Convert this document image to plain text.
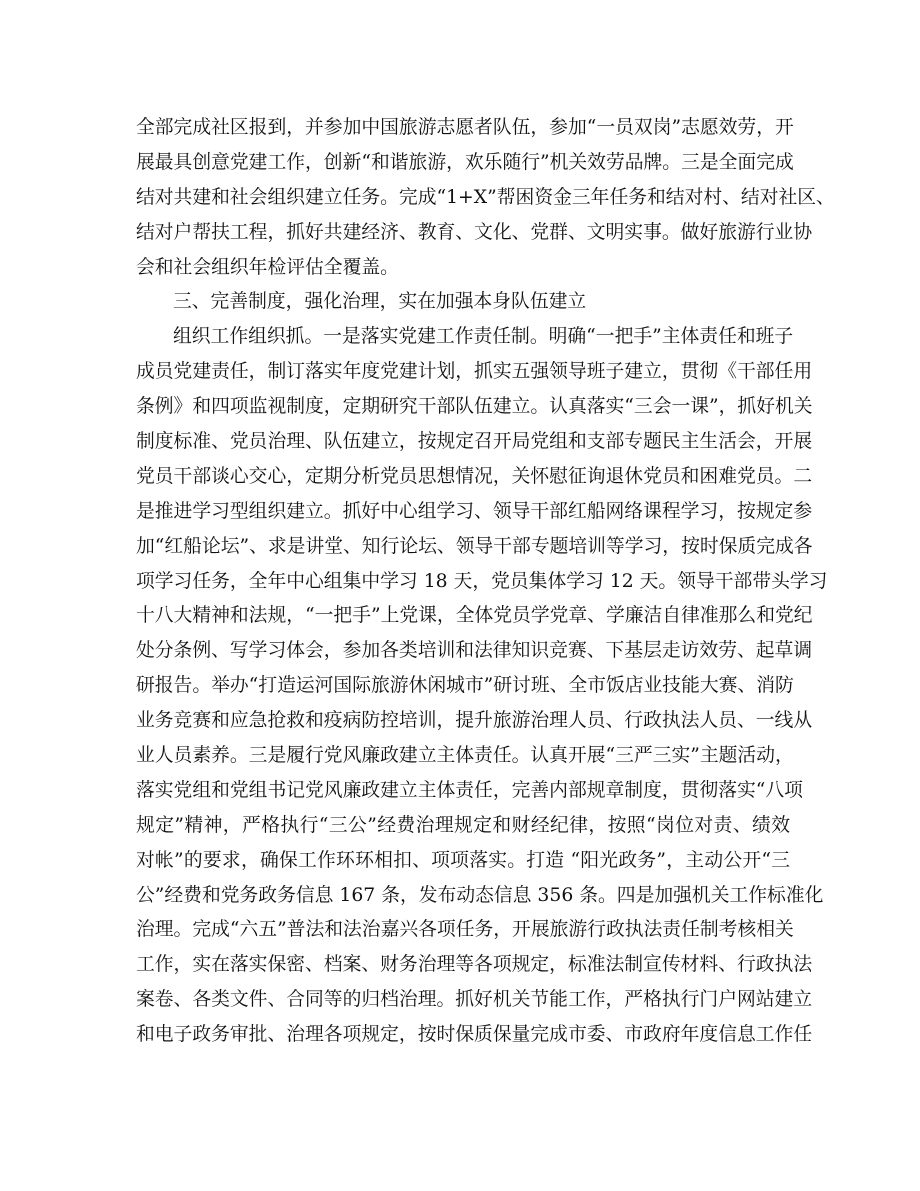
全部完成社区报到，并参加中国旅游志愿者队伍，参加“一员双岗”志愿效劳，开
展最具创意党建工作，创新“和谐旅游，欢乐随行”机关效劳品牌。三是全面完成
结对共建和社会组织建立任务。完成“1+X”帮困资金三年任务和结对村、结对社区、
结对户帮扶工程，抓好共建经济、教育、文化、党群、文明实事。做好旅游行业协
会和社会组织年检评估全覆盖。
三、完善制度，强化治理，实在加强本身队伍建立
组织工作组织抓。一是落实党建工作责任制。明确“一把手”主体责任和班子
成员党建责任，制订落实年度党建计划，抓实五强领导班子建立，贯彻《干部任用
条例》和四项监视制度，定期研究干部队伍建立。认真落实“三会一课”，抓好机关
制度标准、党员治理、队伍建立，按规定召开局党组和支部专题民主生活会，开展
党员干部谈心交心，定期分析党员思想情况，关怀慰征询退休党员和困难党员。二
是推进学习型组织建立。抓好中心组学习、领导干部红船网络课程学习，按规定参
加“红船论坛”、求是讲堂、知行论坛、领导干部专题培训等学习，按时保质完成各
项学习任务，全年中心组集中学习 18 天，党员集体学习 12 天。领导干部带头学习
十八大精神和法规，“一把手”上党课，全体党员学党章、学廉洁自律准那么和党纪
处分条例、写学习体会，参加各类培训和法律知识竞赛、下基层走访效劳、起草调
研报告。举办“打造运河国际旅游休闲城市”研讨班、全市饭店业技能大赛、消防
业务竞赛和应急抢救和疫病防控培训，提升旅游治理人员、行政执法人员、一线从
业人员素养。三是履行党风廉政建立主体责任。认真开展“三严三实”主题活动，
落实党组和党组书记党风廉政建立主体责任，完善内部规章制度，贯彻落实“八项
规定”精神，严格执行“三公”经费治理规定和财经纪律，按照“岗位对责、绩效
对帐”的要求，确保工作环环相扣、项项落实。打造 “阳光政务”，主动公开“三
公”经费和党务政务信息 167 条，发布动态信息 356 条。四是加强机关工作标准化
治理。完成“六五”普法和法治嘉兴各项任务，开展旅游行政执法责任制考核相关
工作，实在落实保密、档案、财务治理等各项规定，标准法制宣传材料、行政执法
案卷、各类文件、合同等的归档治理。抓好机关节能工作，严格执行门户网站建立
和电子政务审批、治理各项规定，按时保质保量完成市委、市政府年度信息工作任
